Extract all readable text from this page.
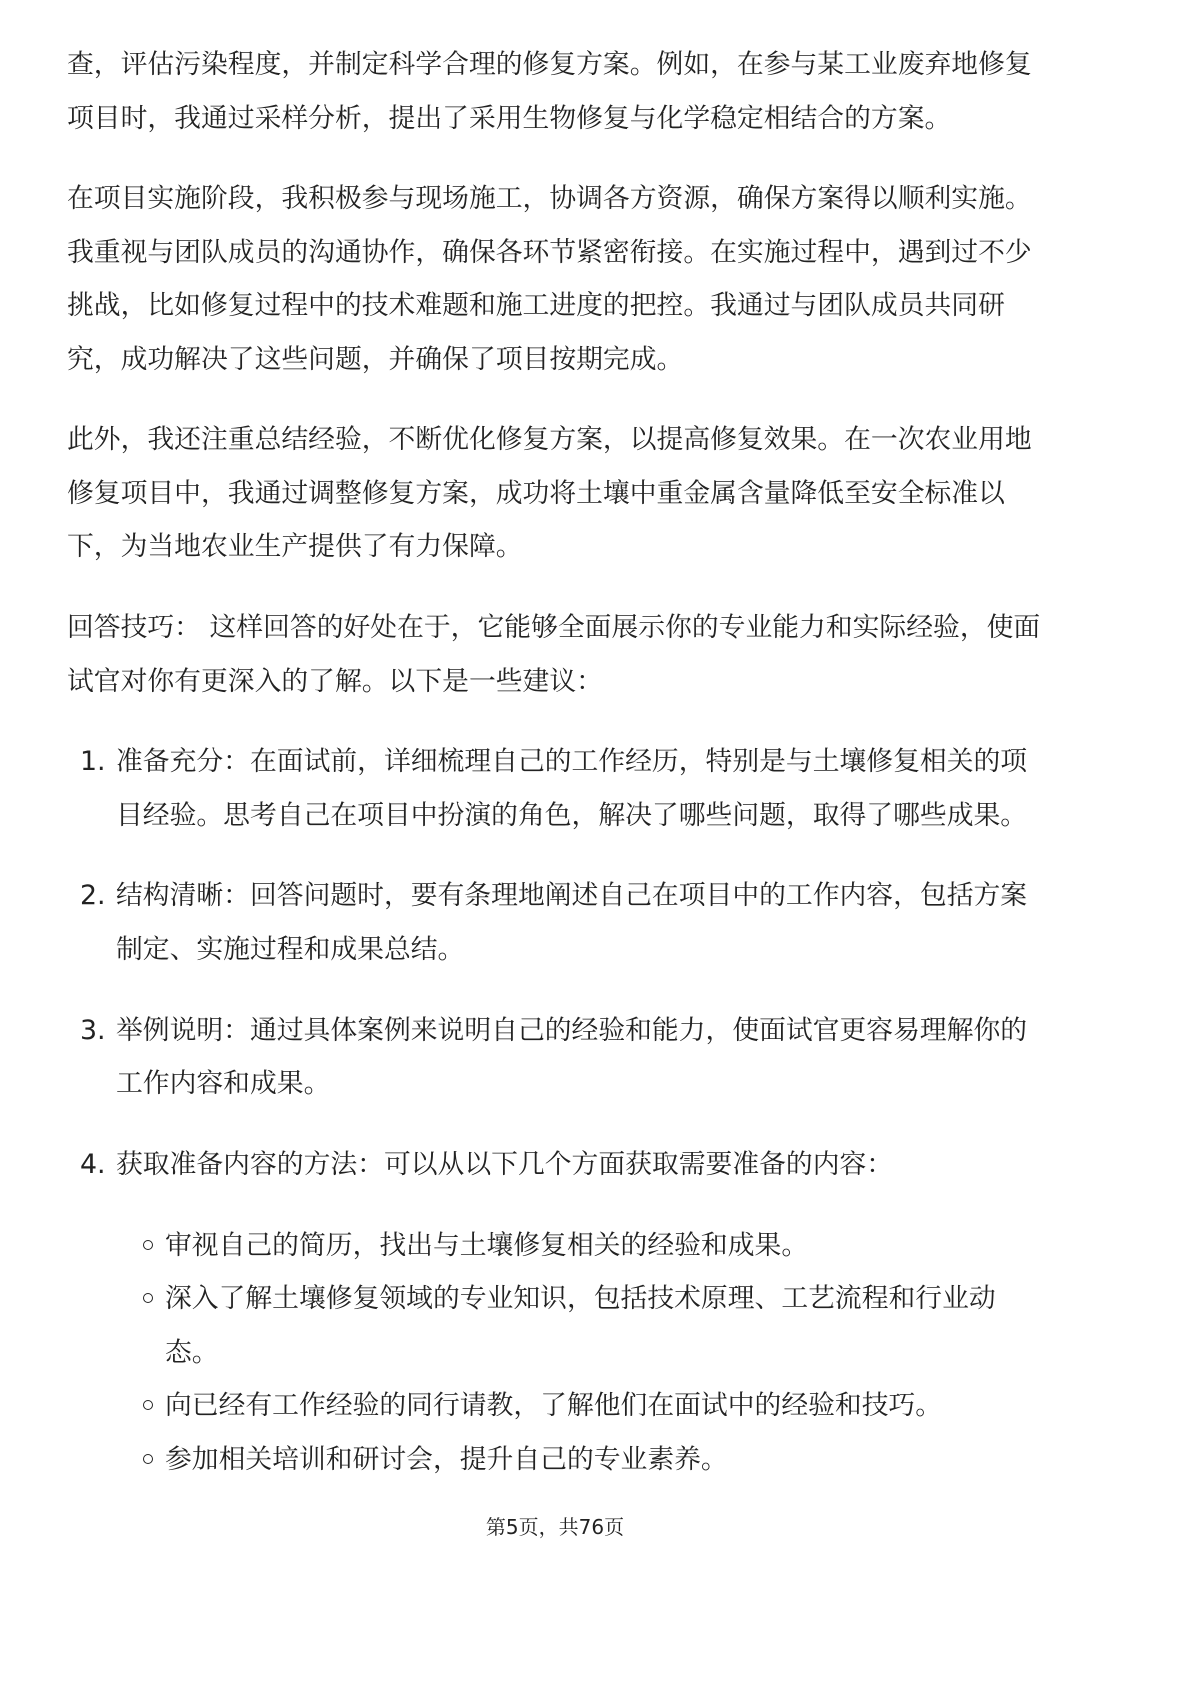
查，评估污染程度，并制定科学合理的修复方案。例如，在参与某工业废弃地修复
项目时，我通过采样分析，提出了采用生物修复与化学稳定相结合的方案。
在项目实施阶段，我积极参与现场施工，协调各方资源，确保方案得以顺利实施。
我重视与团队成员的沟通协作，确保各环节紧密衔接。在实施过程中，遇到过不少
挑战，比如修复过程中的技术难题和施工进度的把控。我通过与团队成员共同研
究，成功解决了这些问题，并确保了项目按期完成。
此外，我还注重总结经验，不断优化修复方案，以提高修复效果。在一次农业用地
修复项目中，我通过调整修复方案，成功将土壤中重金属含量降低至安全标准以
下，为当地农业生产提供了有力保障。
回答技巧： 这样回答的好处在于，它能够全面展示你的专业能力和实际经验，使面
试官对你有更深入的了解。以下是一些建议：
1. 准备充分：在面试前，详细梳理自己的工作经历，特别是与土壤修复相关的项
目经验。思考自己在项目中扮演的角色，解决了哪些问题，取得了哪些成果。
2. 结构清晰：回答问题时，要有条理地阐述自己在项目中的工作内容，包括方案
制定、实施过程和成果总结。
3. 举例说明：通过具体案例来说明自己的经验和能力，使面试官更容易理解你的
工作内容和成果。
4. 获取准备内容的方法：可以从以下几个方面获取需要准备的内容：
审视自己的简历，找出与土壤修复相关的经验和成果。
深入了解土壤修复领域的专业知识，包括技术原理、工艺流程和行业动
态。
向已经有工作经验的同行请教，了解他们在面试中的经验和技巧。
参加相关培训和研讨会，提升自己的专业素养。
第5页，共76页
